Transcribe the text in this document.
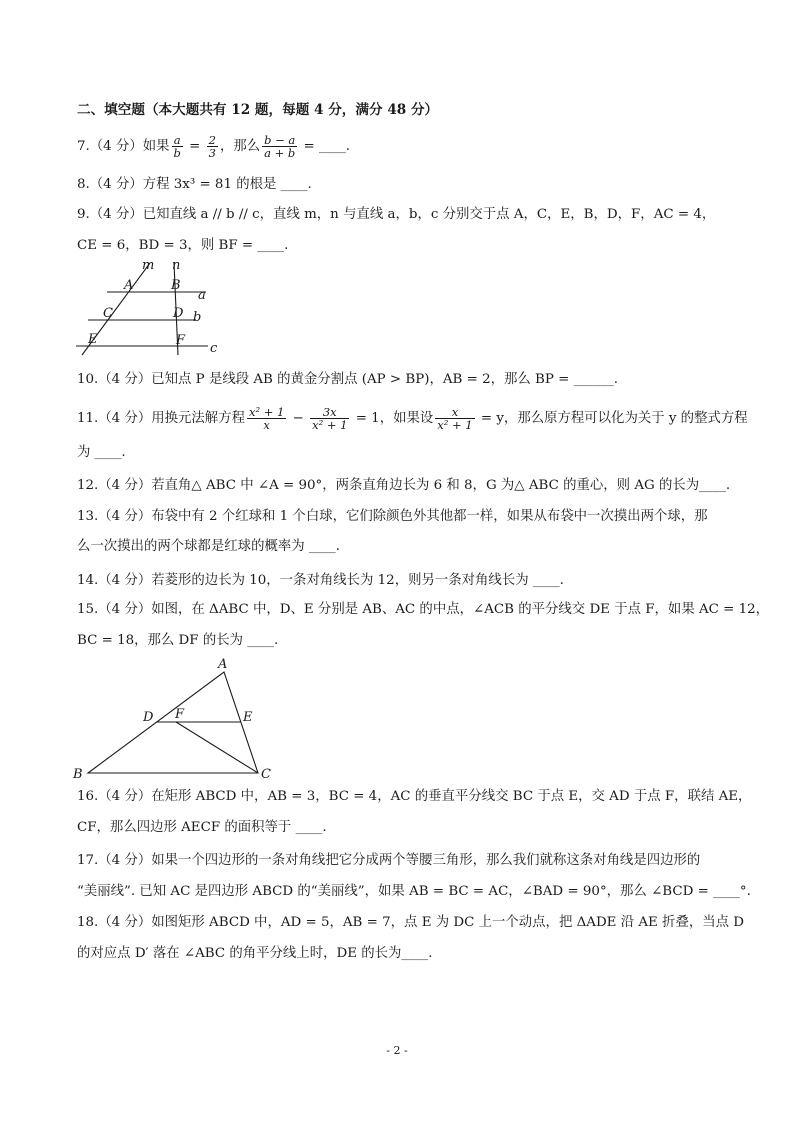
二、填空题（本大题共有 12 题，每题 4 分，满分 48 分）
7.（4 分）如果 $\frac{a}{b} = \frac{2}{3}$ ，那么 $\frac{b - a}{a + b}$ = ____.
8.（4 分）方程 3x³ = 81 的根是 ____.
9.（4 分）已知直线 a // b // c，直线 m，n 与直线 a，b，c 分别交于点 A，C，E，B，D，F，AC = 4，
CE = 6，BD = 3，则 BF = ____.
m n
A	B
a
C	D b
E	F
c
10.（4 分）已知点 P 是线段 AB 的黄金分割点 (AP > BP)，AB = 2，那么 BP = ______.
11.（4 分）用换元法解方程 $\frac{\text{x² + 1}}{x} - \frac{3x}{\text{x² + 1}} = 1$，如果设 $\frac{x}{\text{x² + 1}} = y$，那么原方程可以化为关于 y 的整式方程
为 ____.
12.（4 分）若直角△ ABC 中 ∠A = 90°，两条直角边长为 6 和 8，G 为△ ABC 的重心，则 AG 的长为____.
13.（4 分）布袋中有 2 个红球和 1 个白球，它们除颜色外其他都一样，如果从布袋中一次摸出两个球，那
么一次摸出的两个球都是红球的概率为 ____.
14.（4 分）若菱形的边长为 10，一条对角线长为 12，则另一条对角线长为 ____.
15.（4 分）如图，在 ΔABC 中，D、E 分别是 AB、AC 的中点，∠ACB 的平分线交 DE 于点 F，如果 AC = 12，
BC = 18，那么 DF 的长为 ____.
A
B	C
D	E
F
16.（4 分）在矩形 ABCD 中，AB = 3，BC = 4，AC 的垂直平分线交 BC 于点 E，交 AD 于点 F，联结 AE，
CF，那么四边形 AECF 的面积等于 ____.
17.（4 分）如果一个四边形的一条对角线把它分成两个等腰三角形，那么我们就称这条对角线是四边形的
“美丽线”. 已知 AC 是四边形 ABCD 的“美丽线”，如果 AB = BC = AC，∠BAD = 90°，那么 ∠BCD = ____°.
18.（4 分）如图矩形 ABCD 中，AD = 5，AB = 7，点 E 为 DC 上一个动点，把 ΔADE 沿 AE 折叠，当点 D
的对应点 D′ 落在 ∠ABC 的角平分线上时，DE 的长为____.
- 2 -
